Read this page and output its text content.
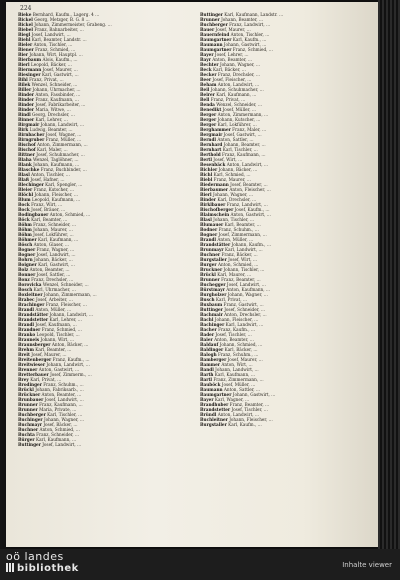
224
Bieke Bernhard, Kaufm., Lagerg. 4 …
Bickel Georg, Metzger, B. G. 8 …
Bickel Johann, Zimmermeister, Grabeng. …
Biebel Franz, Bahnarbeiter, …
Biegl Josef, Landwirt, …
Biehl Karl, Beamter, Landstr. …
Bieler Anton, Tischler, …
Biener Franz, Schmied, …
Bier Johann, Wirt, Hauptpl. …
Bierbaum Alois, Kaufm., …
Bierl Leopold, Bäcker, …
Biermann Josef, Maurer, …
Biesinger Karl, Gastwirt, …
Bihl Franz, Privat, …
Bilek Wenzel, Schneider, …
Biller Johann, Uhrmacher, …
Binder Anton, Fassbinder, …
Binder Franz, Kaufmann, …
Binder Josef, Fabrikarbeiter, …
Binder Maria, Witwe, …
Bindl Georg, Drechsler, …
Binner Karl, Lehrer, …
Birgmair Johann, Landwirt, …
Birk Ludwig, Beamter, …
Birnbacher Josef, Wagner, …
Birngruber Franz, Müller, …
Bischof Anton, Zimmermann, …
Bischof Karl, Maler, …
Bittner Josef, Schuhmacher, …
Blaha Wenzel, Taglöhner, …
Blank Johann, Kaufmann, …
Blaschke Franz, Buchbinder, …
Blasl Anton, Tischler, …
Blaß Josef, Hafner, …
Blechinger Karl, Spengler, …
Bleier Franz, Kutscher, …
Blöchl Johann, Fleischer, …
Blum Leopold, Kaufmann, …
Bock Franz, Wirt, …
Bock Josef, Bräuer, …
Bodingbauer Anton, Schmied, …
Böck Karl, Beamter, …
Böhm Franz, Schneider, …
Böhm Johann, Maurer, …
Böhm Josef, Lokführer, …
Böhmer Karl, Kaufmann, …
Bösch Anton, Glaser, …
Bogner Franz, Wagner, …
Bogner Josef, Landwirt, …
Bohrn Johann, Bäcker, …
Boigner Karl, Gastwirt, …
Bolz Anton, Beamter, …
Bonner Josef, Sattler, …
Bonz Franz, Drechsler, …
Borovicka Wenzel, Schneider, …
Bosch Karl, Uhrmacher, …
Boxleitner Johann, Zimmermann, …
Brabec Josef, Arbeiter, …
Brachinger Franz, Fleischer, …
Brandl Anton, Müller, …
Brandstätter Johann, Landwirt, …
Brandstetter Karl, Lehrer, …
Brandl Josef, Kaufmann, …
Brandner Franz, Schmied, …
Branko Leopold, Tischler, …
Brauneis Johann, Wirt, …
Braunsberger Anton, Bäcker, …
Brehm Karl, Beamter, …
Breit Josef, Maurer, …
Breitenberger Franz, Kaufm., …
Breitwieser Johann, Landwirt, …
Brenner Anton, Gastwirt, …
Bretterbauer Josef, Zimmerm., …
Brey Karl, Privat, …
Brodinger Franz, Schuhm., …
Brückl Johann, Fabriksarb., …
Brückner Anton, Beamter, …
Brunbauer Josef, Landwirt, …
Brunner Franz, Kaufmann, …
Brunner Maria, Private, …
Buchberger Karl, Tischler, …
Buchinger Johann, Wagner, …
Buchmayr Josef, Bäcker, …
Buchner Anton, Schmied, …
Buchta Franz, Schneider, …
Bürger Karl, Kaufmann, …
Buttinger Josef, Landwirt, …
Buttinger Karl, Kaufmann, Landstr. …
Brunner Johann, Beamter, …
Buchberger Franz, Landwirt, …
Bauer Josef, Maurer, …
Bauernfeind Anton, Tischler, …
Baumgartner Karl, Kaufm., …
Baumann Johann, Gastwirt, …
Baumgartner Franz, Schmied, …
Bayer Josef, Lehrer, …
Bayr Anton, Beamter, …
Bechter Johann, Wagner, …
Beck Karl, Bäcker, …
Becker Franz, Drechsler, …
Beer Josef, Fleischer, …
Beham Anton, Landwirt, …
Beil Johann, Schuhmacher, …
Beirer Karl, Kaufmann, …
Bell Franz, Privat, …
Benda Wenzel, Schneider, …
Benedikt Josef, Müller, …
Berger Anton, Zimmermann, …
Berger Johann, Kutscher, …
Berger Karl, Lokführer, …
Berghammer Franz, Maler, …
Bergmair Josef, Gastwirt, …
Berndl Anton, Sattler, …
Bernhard Johann, Beamter, …
Bernhart Karl, Tischler, …
Berthold Franz, Kaufmann, …
Bertl Josef, Wirt, …
Besenbäck Anton, Landwirt, …
Bichler Johann, Bäcker, …
Bichl Karl, Schmied, …
Biebl Franz, Maurer, …
Biedermann Josef, Beamter, …
Bierbaumer Anton, Fleischer, …
Bierl Johann, Wagner, …
Binder Karl, Drechsler, …
Birklbauer Franz, Landwirt, …
Bischofberger Josef, Kaufm., …
Blaimschein Anton, Gastwirt, …
Blasl Johann, Tischler, …
Blumauer Karl, Beamter, …
Bodner Franz, Schuhm., …
Bogner Josef, Zimmermann, …
Brandl Anton, Müller, …
Brandstätter Johann, Kaufm., …
Brunmayr Karl, Landwirt, …
Buchner Franz, Bäcker, …
Burgstaller Josef, Wirt, …
Burger Anton, Schmied, …
Bruckner Johann, Tischler, …
Brückl Karl, Maurer, …
Brunner Franz, Beamter, …
Buchegger Josef, Landwirt, …
Bürstmayr Anton, Kaufmann, …
Burgholzer Johann, Wagner, …
Busch Karl, Privat, …
Buxbaum Franz, Gastwirt, …
Buttinger Josef, Schneider, …
Bachmair Anton, Drechsler, …
Bachl Johann, Fleischer, …
Bachinger Karl, Landwirt, …
Bacher Franz, Kaufm., …
Bader Josef, Tischler, …
Baier Anton, Beamter, …
Baldauf Johann, Schmied, …
Baldinger Karl, Bäcker, …
Balogh Franz, Schuhm., …
Bamberger Josef, Maurer, …
Bammer Anton, Wirt, …
Bandl Johann, Landwirt, …
Barth Karl, Kaufmann, …
Bartl Franz, Zimmermann, …
Bauböck Josef, Müller, …
Baumann Anton, Sattler, …
Baumgartner Johann, Gastwirt, …
Bayer Karl, Wagner, …
Brandhuber Franz, Beamter, …
Brandstetter Josef, Tischler, …
Bründl Anton, Landwirt, …
Buchleitner Johann, Fleischer, …
Burgstaller Karl, Kaufm., …
oö landes
bibliothek	Inhalte viewer
